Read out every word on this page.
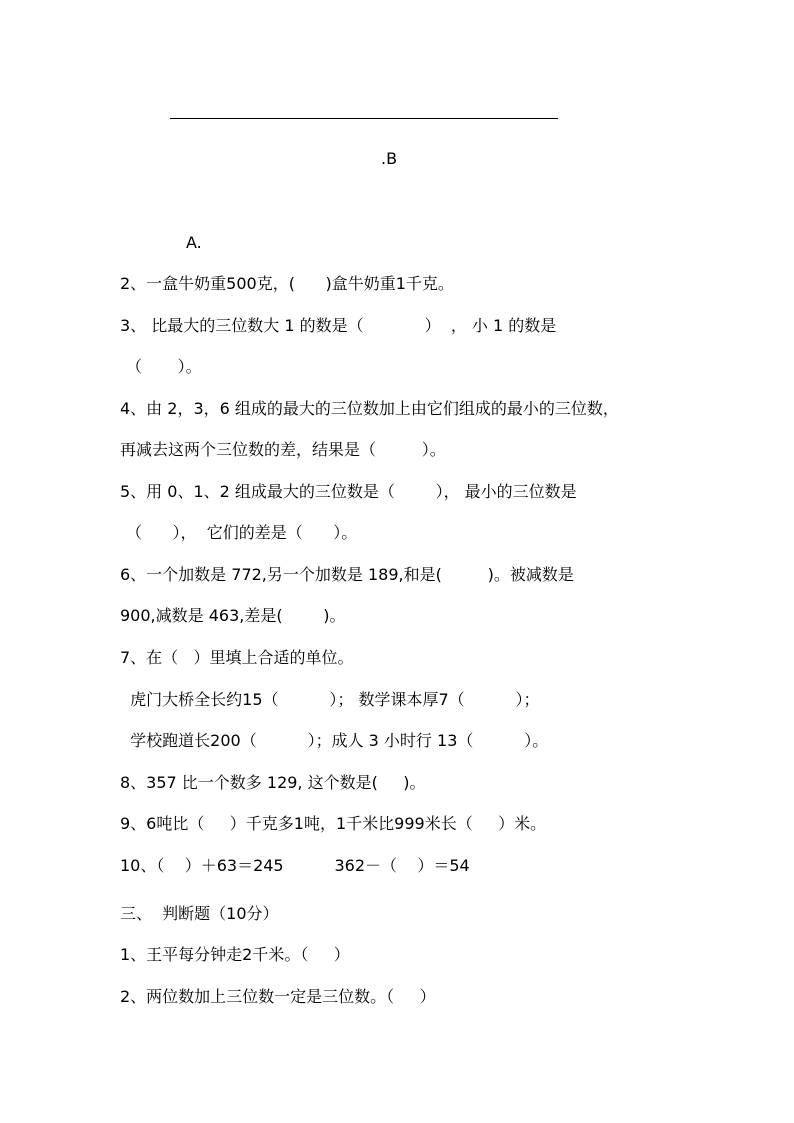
.B
A.
2、一盒牛奶重500克，(      )盒牛奶重1千克。
3、 比最大的三位数大 1 的数是（            ）  ， 小 1 的数是
（       ）。
4、由 2，3，6 组成的最大的三位数加上由它们组成的最小的三位数，
再减去这两个三位数的差，结果是（         ）。
5、用 0、1、2 组成最大的三位数是（        ）， 最小的三位数是
（      ），  它们的差是（      ）。
6、一个加数是 772,另一个加数是 189,和是(         )。被减数是
900,减数是 463,差是(        )。
7、在（   ）里填上合适的单位。
虎门大桥全长约15（          ）； 数学课本厚7（          ）；
学校跑道长200（          ）；成人 3 小时行 13（          ）。
8、357 比一个数多 129, 这个数是(     )。
9、6吨比（     ）千克多1吨，1千米比999米长（     ）米。
10、（    ）＋63＝245          362－（    ）＝54
三、  判断题（10分）
1、王平每分钟走2千米。（     ）
2、两位数加上三位数一定是三位数。（     ）
